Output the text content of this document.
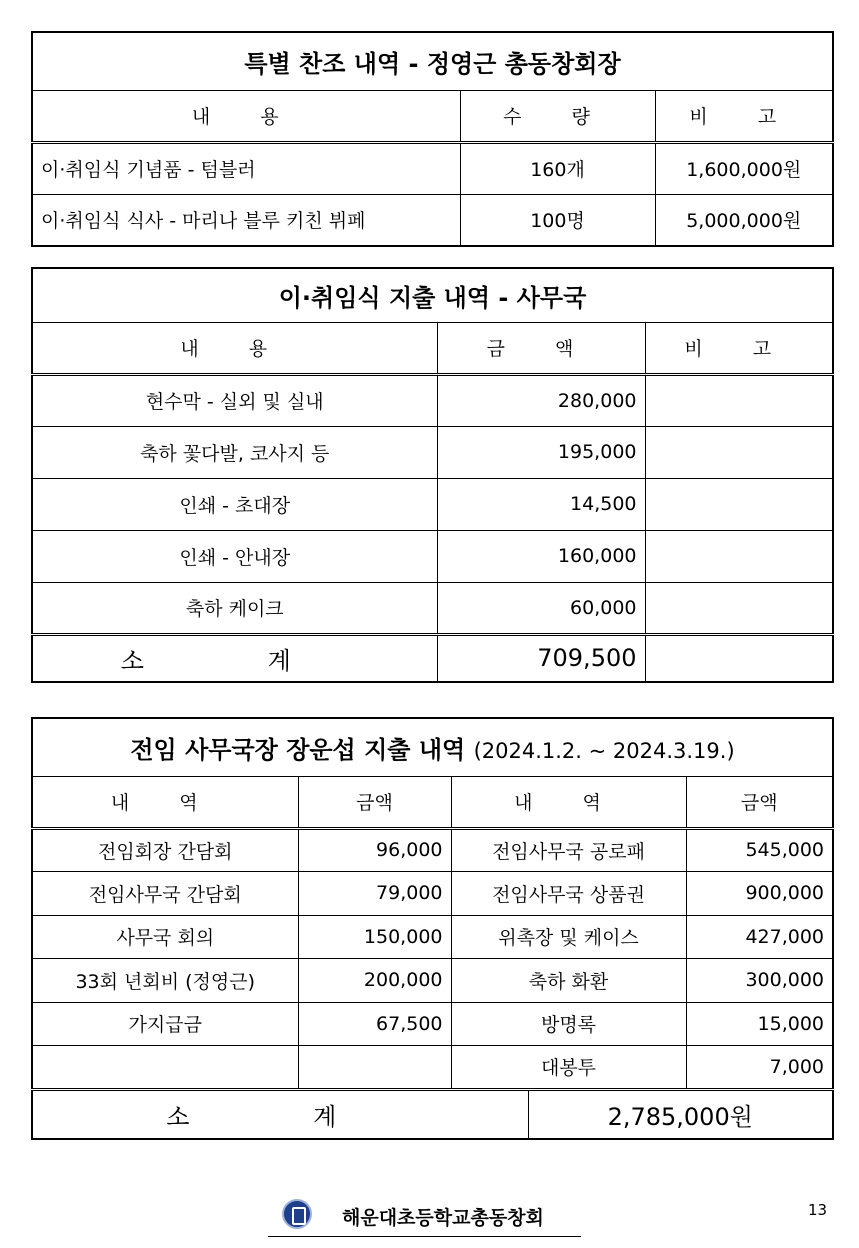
특별 찬조 내역 - 정영근 총동창회장		
내 용	수 량	비 고
이·취임식 기념품 - 텀블러	160개	1,600,000원
이·취임식 식사 - 마리나 블루 키친 뷔페	100명	5,000,000원
이·취임식 지출 내역 - 사무국		
내 용	금 액	비 고
현수막 - 실외 및 실내	280,000	
축하 꽃다발, 코사지 등	195,000	
인쇄 - 초대장	14,500	
인쇄 - 안내장	160,000	
축하 케이크	60,000	
소 계	709,500	
전임 사무국장 장운섭 지출 내역 (2024.1.2. ~ 2024.3.19.)				
내 역	금액	내 역		금액
전임회장 간담회	96,000	전임사무국 공로패		545,000
전임사무국 간담회	79,000	전임사무국 상품권		900,000
사무국 회의	150,000	위촉장 및 케이스		427,000
33회 년회비 (정영근)	200,000	축하 화환		300,000
가지급금	67,500	방명록		15,000
		대봉투		7,000
소 계			2,785,000원	
해운대초등학교총동창회	13
